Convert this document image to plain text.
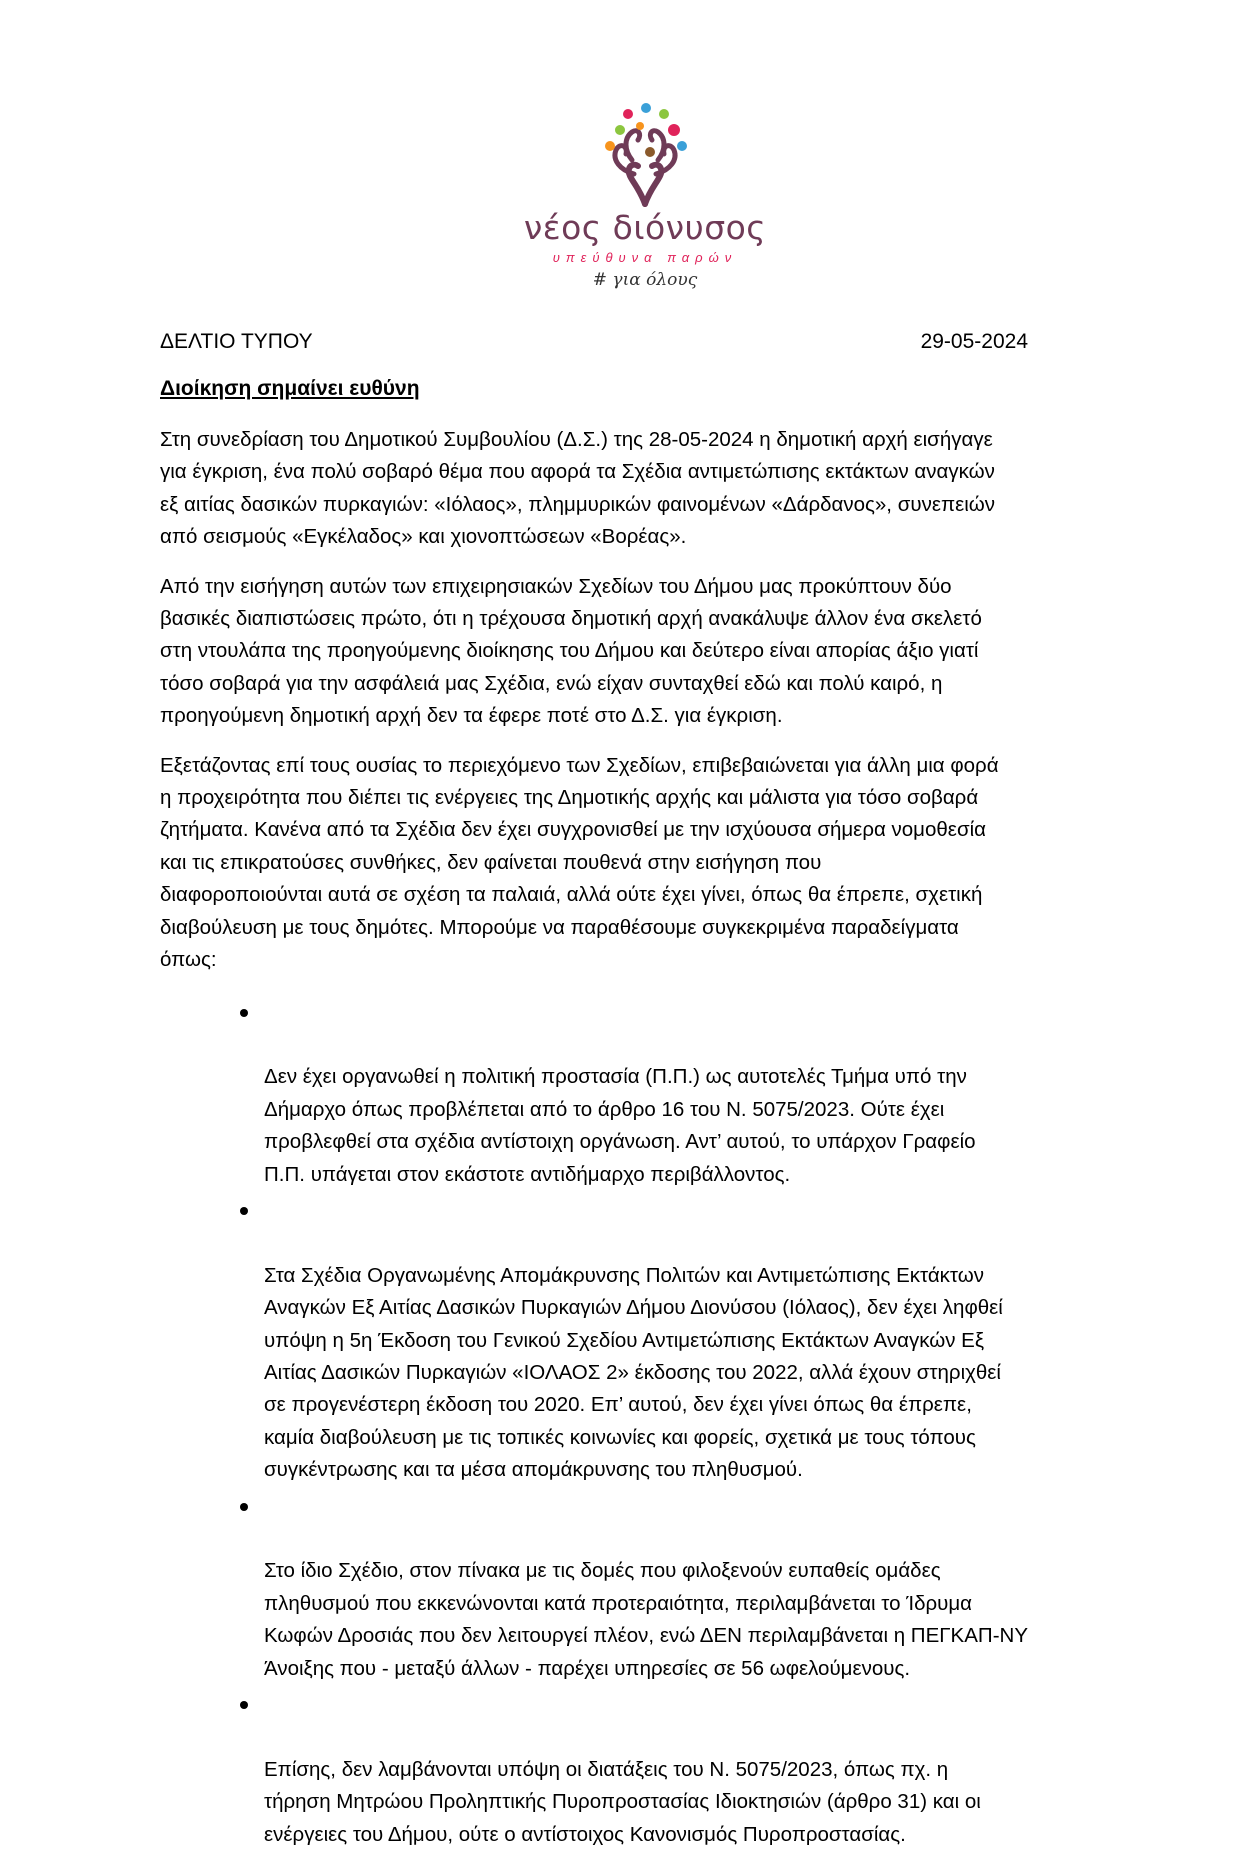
νέος διόνυσος
υπεύθυνα παρών
# για όλους
ΔΕΛΤΙΟ ΤΥΠΟΥ	29-05-2024
Διοίκηση σημαίνει ευθύνη

Στη συνεδρίαση του Δημοτικού Συμβουλίου (Δ.Σ.) της 28-05-2024 η δημοτική αρχή εισήγαγε
για έγκριση, ένα πολύ σοβαρό θέμα που αφορά τα Σχέδια αντιμετώπισης εκτάκτων αναγκών
εξ αιτίας δασικών πυρκαγιών: «Ιόλαος», πλημμυρικών φαινομένων «Δάρδανος», συνεπειών
από σεισμούς «Εγκέλαδος» και χιονοπτώσεων «Βορέας».

Από την εισήγηση αυτών των επιχειρησιακών Σχεδίων του Δήμου μας προκύπτουν δύο
βασικές διαπιστώσεις πρώτο, ότι η τρέχουσα δημοτική αρχή ανακάλυψε άλλον ένα σκελετό
στη ντουλάπα της προηγούμενης διοίκησης του Δήμου και δεύτερο είναι απορίας άξιο γιατί
τόσο σοβαρά για την ασφάλειά μας Σχέδια, ενώ είχαν συνταχθεί εδώ και πολύ καιρό, η
προηγούμενη δημοτική αρχή δεν τα έφερε ποτέ στο Δ.Σ. για έγκριση.

Εξετάζοντας επί τους ουσίας το περιεχόμενο των Σχεδίων, επιβεβαιώνεται για άλλη μια φορά
η προχειρότητα που διέπει τις ενέργειες της Δημοτικής αρχής και μάλιστα για τόσο σοβαρά
ζητήματα. Κανένα από τα Σχέδια δεν έχει συγχρονισθεί με την ισχύουσα σήμερα νομοθεσία
και τις επικρατούσες συνθήκες, δεν φαίνεται πουθενά στην εισήγηση που
διαφοροποιούνται αυτά σε σχέση τα παλαιά, αλλά ούτε έχει γίνει, όπως θα έπρεπε, σχετική
διαβούλευση με τους δημότες. Μπορούμε να παραθέσουμε συγκεκριμένα παραδείγματα
όπως:

Δεν έχει οργανωθεί η πολιτική προστασία (Π.Π.) ως αυτοτελές Τμήμα υπό την
Δήμαρχο όπως προβλέπεται από το άρθρο 16 του Ν. 5075/2023. Ούτε έχει
προβλεφθεί στα σχέδια αντίστοιχη οργάνωση. Αντ’ αυτού, το υπάρχον Γραφείο
Π.Π. υπάγεται στον εκάστοτε αντιδήμαρχο περιβάλλοντος.

Στα Σχέδια Οργανωμένης Απομάκρυνσης Πολιτών και Αντιμετώπισης Εκτάκτων
Αναγκών Εξ Αιτίας Δασικών Πυρκαγιών Δήμου Διονύσου (Ιόλαος), δεν έχει ληφθεί
υπόψη η 5η Έκδοση του Γενικού Σχεδίου Αντιμετώπισης Εκτάκτων Αναγκών Εξ
Αιτίας Δασικών Πυρκαγιών «ΙΟΛΑΟΣ 2» έκδοσης του 2022, αλλά έχουν στηριχθεί
σε προγενέστερη έκδοση του 2020. Επ’ αυτού, δεν έχει γίνει όπως θα έπρεπε,
καμία διαβούλευση με τις τοπικές κοινωνίες και φορείς, σχετικά με τους τόπους
συγκέντρωσης και τα μέσα απομάκρυνσης του πληθυσμού.

Στο ίδιο Σχέδιο, στον πίνακα με τις δομές που φιλοξενούν ευπαθείς ομάδες
πληθυσμού που εκκενώνονται κατά προτεραιότητα, περιλαμβάνεται το Ίδρυμα
Κωφών Δροσιάς που δεν λειτουργεί πλέον, ενώ ΔΕΝ περιλαμβάνεται η ΠΕΓΚΑΠ-ΝΥ
Άνοιξης που - μεταξύ άλλων - παρέχει υπηρεσίες σε 56 ωφελούμενους.

Επίσης, δεν λαμβάνονται υπόψη οι διατάξεις του Ν. 5075/2023, όπως πχ. η
τήρηση Μητρώου Προληπτικής Πυροπροστασίας Ιδιοκτησιών (άρθρο 31) και οι
ενέργειες του Δήμου, ούτε ο αντίστοιχος Κανονισμός Πυροπροστασίας.
